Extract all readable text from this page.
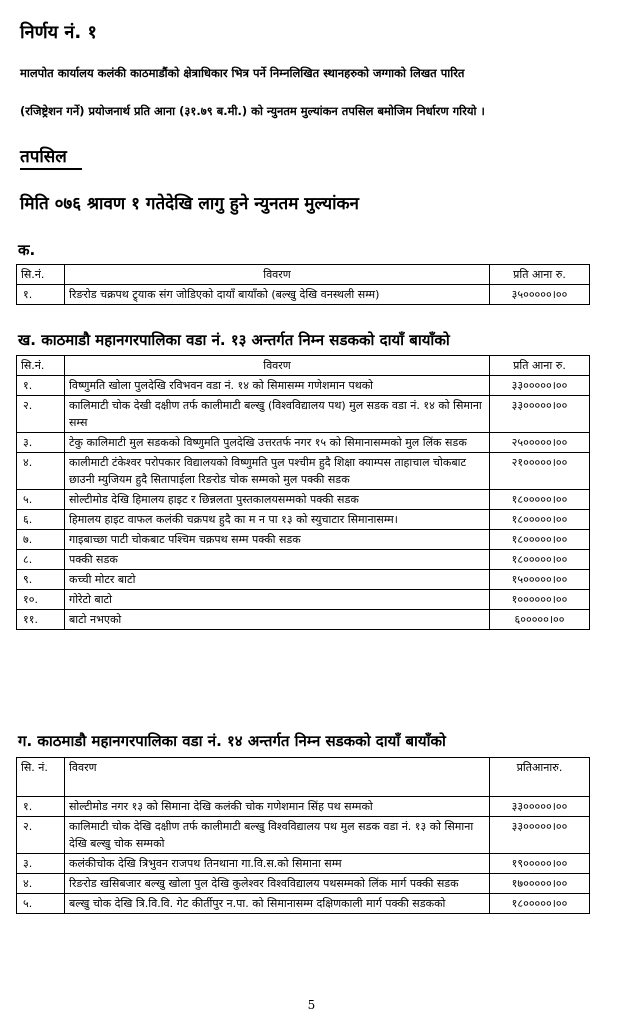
निर्णय नं. १
मालपोत कार्यालय कलंकी काठमाडौंको क्षेत्राधिकार भित्र पर्ने निम्नलिखित स्थानहरुको जग्गाको लिखत पारित
(रजिष्ट्रेशन गर्ने) प्रयोजनार्थ प्रति आना (३१.७९ ब.मी.) को न्युनतम मुल्यांकन तपसिल बमोजिम निर्धारण गरियो ।
तपसिल
मिति ०७६ श्रावण १ गतेदेखि लागु हुने न्युनतम मुल्यांकन
क.
सि.नं.	विवरण	प्रति आना रु.
१.	रिङरोड चक्रपथ ट्र्याक संग जोडिएको दायाँ बायाँको (बल्खु देखि वनस्थली सम्म)	३५०००००।००
ख. काठमाडौ महानगरपालिका वडा नं. १३ अन्तर्गत निम्न सडकको दायाँ बायाँको
सि.नं.	विवरण	प्रति आना रु.
१.	विष्णुमति खोला पुलदेखि रविभवन वडा नं. १४ को सिमासम्म गणेशमान पथको	३३०००००।००
२.	कालिमाटी चोक देखी दक्षीण तर्फ कालीमाटी बल्खु (विश्वविद्यालय पथ) मुल सडक वडा नं. १४ को सिमाना सम्स	३३०००००।००
३.	टेकु कालिमाटी मुल सडकको विष्णुमति पुलदेखि उत्तरतर्फ नगर १५ को सिमानासम्मको मुल लिंक सडक	२५०००००।००
४.	कालीमाटी टंकेश्वर परोपकार विद्यालयको विष्णुमति पुल पश्चीम हुदै शिक्षा क्याम्पस ताहाचाल चोकबाट छाउनी म्युजियम हुदै सितापाईला रिङरोड चोक सम्मको मुल पक्की सडक	२१०००००।००
५.	सोल्टीमोड देखि हिमालय हाइट र छिन्नलता पुस्तकालयसम्मको पक्की सडक	१८०००००।००
६.	हिमालय हाइट वाफल कलंकी चक्रपथ हुदै का म न पा १३ को स्युचाटार सिमानासम्म।	१८०००००।००
७.	गाइबाच्छा पाटी चोकबाट पश्चिम चक्रपथ सम्म पक्की सडक	१८०००००।००
८.	पक्की सडक	१८०००००।००
९.	कच्ची मोटर बाटो	१५०००००।००
१०.	गोरेटो बाटो	१००००००।००
११.	बाटो नभएको	६०००००।००
ग. काठमाडौ महानगरपालिका वडा नं. १४ अन्तर्गत निम्न सडकको दायाँ बायाँको
सि. नं.	विवरण	प्रतिआनारु.
१.	सोल्टीमोड नगर १३ को सिमाना देखि कलंकी चोक गणेशमान सिंह पथ सम्मको	३३०००००।००
२.	कालिमाटी चोक देखि दक्षीण तर्फ कालीमाटी बल्खु विश्वविद्यालय पथ मुल सडक वडा नं. १३ को सिमाना देखि बल्खु चोक सम्मको	३३०००००।००
३.	कलंकीचोक देखि त्रिभुवन राजपथ तिनथाना गा.वि.स.को सिमाना सम्म	१९०००००।००
४.	रिङरोड खसिबजार बल्खु खोला पुल देखि कुलेश्वर विश्वविद्यालय पथसम्मको लिंक मार्ग पक्की सडक	१७०००००।००
५.	बल्खु चोक देखि त्रि.वि.वि. गेट कीर्तीपुर न.पा. को सिमानासम्म दक्षिणकाली मार्ग पक्की सडकको	१८०००००।००
5
